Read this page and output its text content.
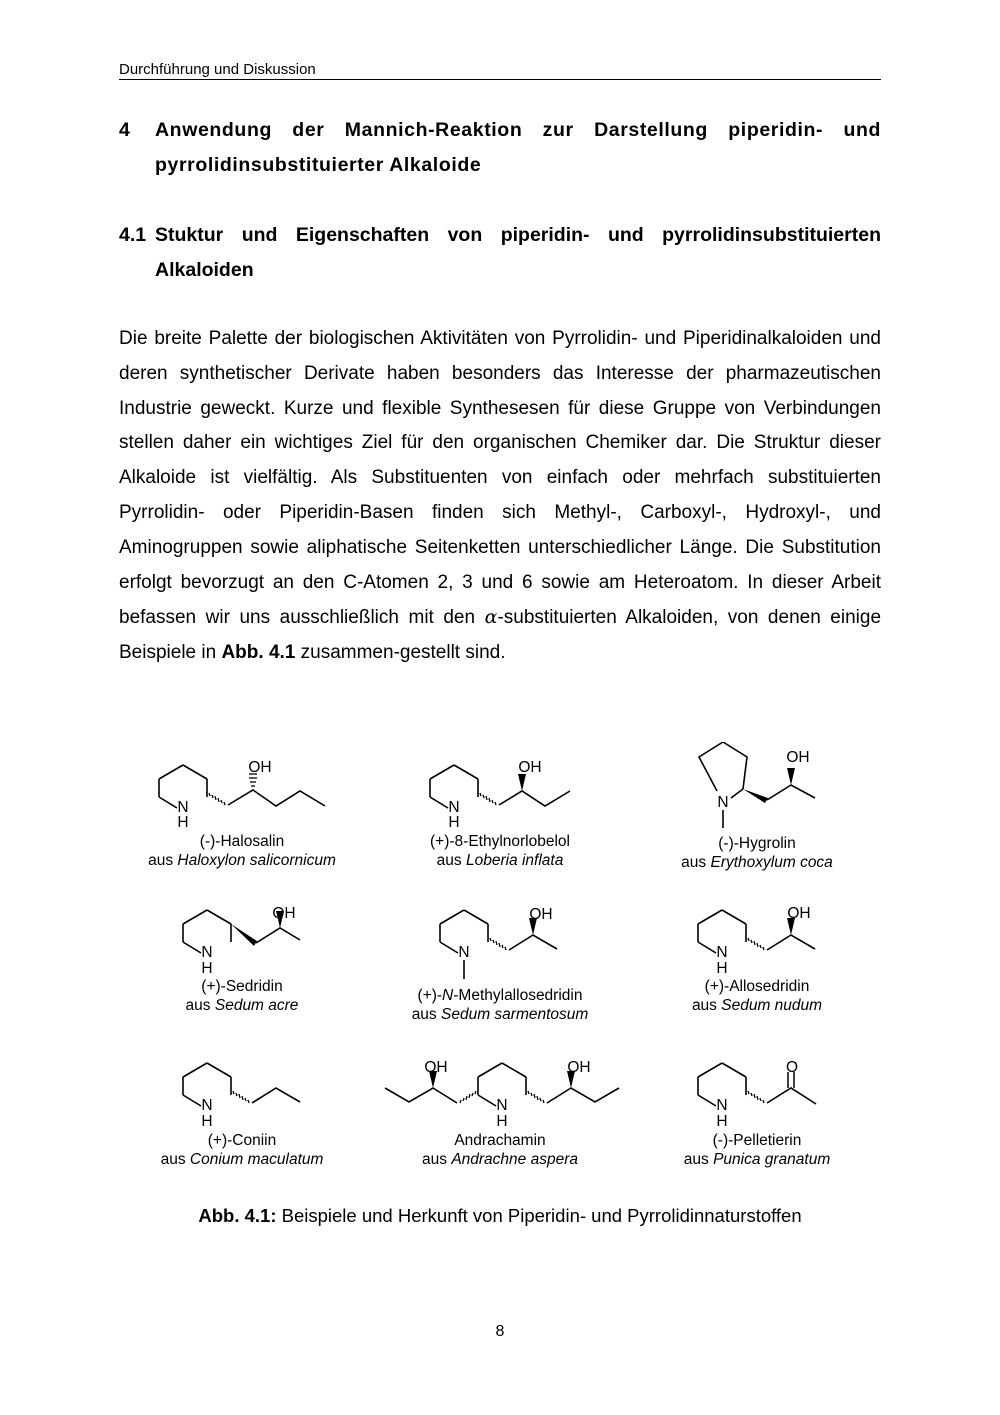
Durchführung und Diskussion
4	Anwendung der Mannich-Reaktion zur Darstellung piperidin- und pyrrolidinsubstituierter Alkaloide
4.1 Stuktur und Eigenschaften von piperidin- und pyrrolidinsubstituierten Alkaloiden
Die breite Palette der biologischen Aktivitäten von Pyrrolidin- und Piperidinalkaloiden und deren synthetischer Derivate haben besonders das Interesse der pharmazeutischen Industrie geweckt. Kurze und flexible Synthesesen für diese Gruppe von Verbindungen stellen daher ein wichtiges Ziel für den organischen Chemiker dar. Die Struktur dieser Alkaloide ist vielfältig. Als Substituenten von einfach oder mehrfach substituierten Pyrrolidin- oder Piperidin-Basen finden sich Methyl-, Carboxyl-, Hydroxyl-, und Aminogruppen sowie aliphatische Seitenketten unterschiedlicher Länge. Die Substitution erfolgt bevorzugt an den C-Atomen 2, 3 und 6 sowie am Heteroatom. In dieser Arbeit befassen wir uns ausschließlich mit den α-substituierten Alkaloiden, von denen einige Beispiele in Abb. 4.1 zusammen-gestellt sind.
OH
N
H
OH
N
H
OH
N
OH
N
H
OH
N
OH
N
H
N
H
OH
OH
N
H
O
N
H
(-)-Halosalin
aus Haloxylon salicornicum
(+)-8-Ethylnorlobelol
aus Loberia inflata
(-)-Hygrolin
aus Erythoxylum coca
(+)-Sedridin
aus Sedum acre
(+)-N-Methylallosedridin
aus Sedum sarmentosum
(+)-Allosedridin
aus Sedum nudum
(+)-Coniin
aus Conium maculatum
Andrachamin
aus Andrachne aspera
(-)-Pelletierin
aus Punica granatum
Abb. 4.1: Beispiele und Herkunft von Piperidin- und Pyrrolidinnaturstoffen
8
